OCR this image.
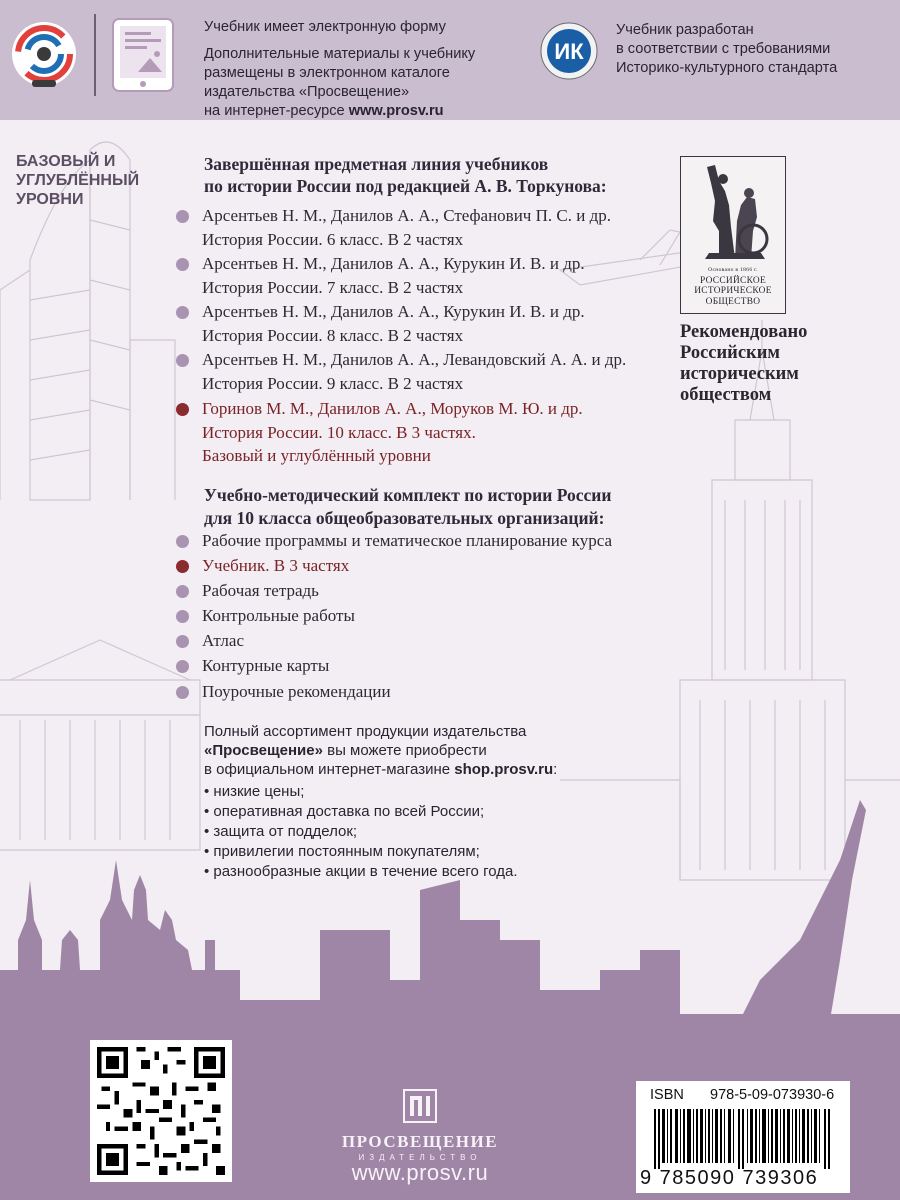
Учебник имеет электронную форму
Дополнительные материалы к учебнику
размещены в электронном каталоге
издательства «Просвещение»
на интернет-ресурсе www.prosv.ru
ИК
Учебник разработан
в соответствии с требованиями
Историко-культурного стандарта
БАЗОВЫЙ И
УГЛУБЛЁННЫЙ
УРОВНИ
Завершённая предметная линия учебников
по истории России под редакцией А. В. Торкунова:
Арсентьев Н. М., Данилов А. А., Стефанович П. С. и др.
История России. 6 класс. В 2 частях
Арсентьев Н. М., Данилов А. А., Курукин И. В. и др.
История России. 7 класс. В 2 частях
Арсентьев Н. М., Данилов А. А., Курукин И. В. и др.
История России. 8 класс. В 2 частях
Арсентьев Н. М., Данилов А. А., Левандовский А. А. и др.
История России. 9 класс. В 2 частях
Горинов М. М., Данилов А. А., Моруков М. Ю. и др.
История России. 10 класс. В 3 частях.
Базовый и углублённый уровни
Учебно-методический комплект по истории России
для 10 класса общеобразовательных организаций:
Рабочие программы и тематическое планирование курса
Учебник. В 3 частях
Рабочая тетрадь
Контрольные работы
Атлас
Контурные карты
Поурочные рекомендации
Полный ассортимент продукции издательства
«Просвещение» вы можете приобрести
в официальном интернет-магазине shop.prosv.ru:
• низкие цены;
• оперативная доставка по всей России;
• защита от подделок;
• привилегии постоянным покупателям;
• разнообразные акции в течение всего года.
Основано в 1866 г.
РОССИЙСКОЕ
ИСТОРИЧЕСКОЕ
ОБЩЕСТВО
Рекомендовано
Российским
историческим
обществом
ПРОСВЕЩЕНИЕ
ИЗДАТЕЛЬСТВО
www.prosv.ru
ISBN 978-5-09-073930-6
9 785090 739306
